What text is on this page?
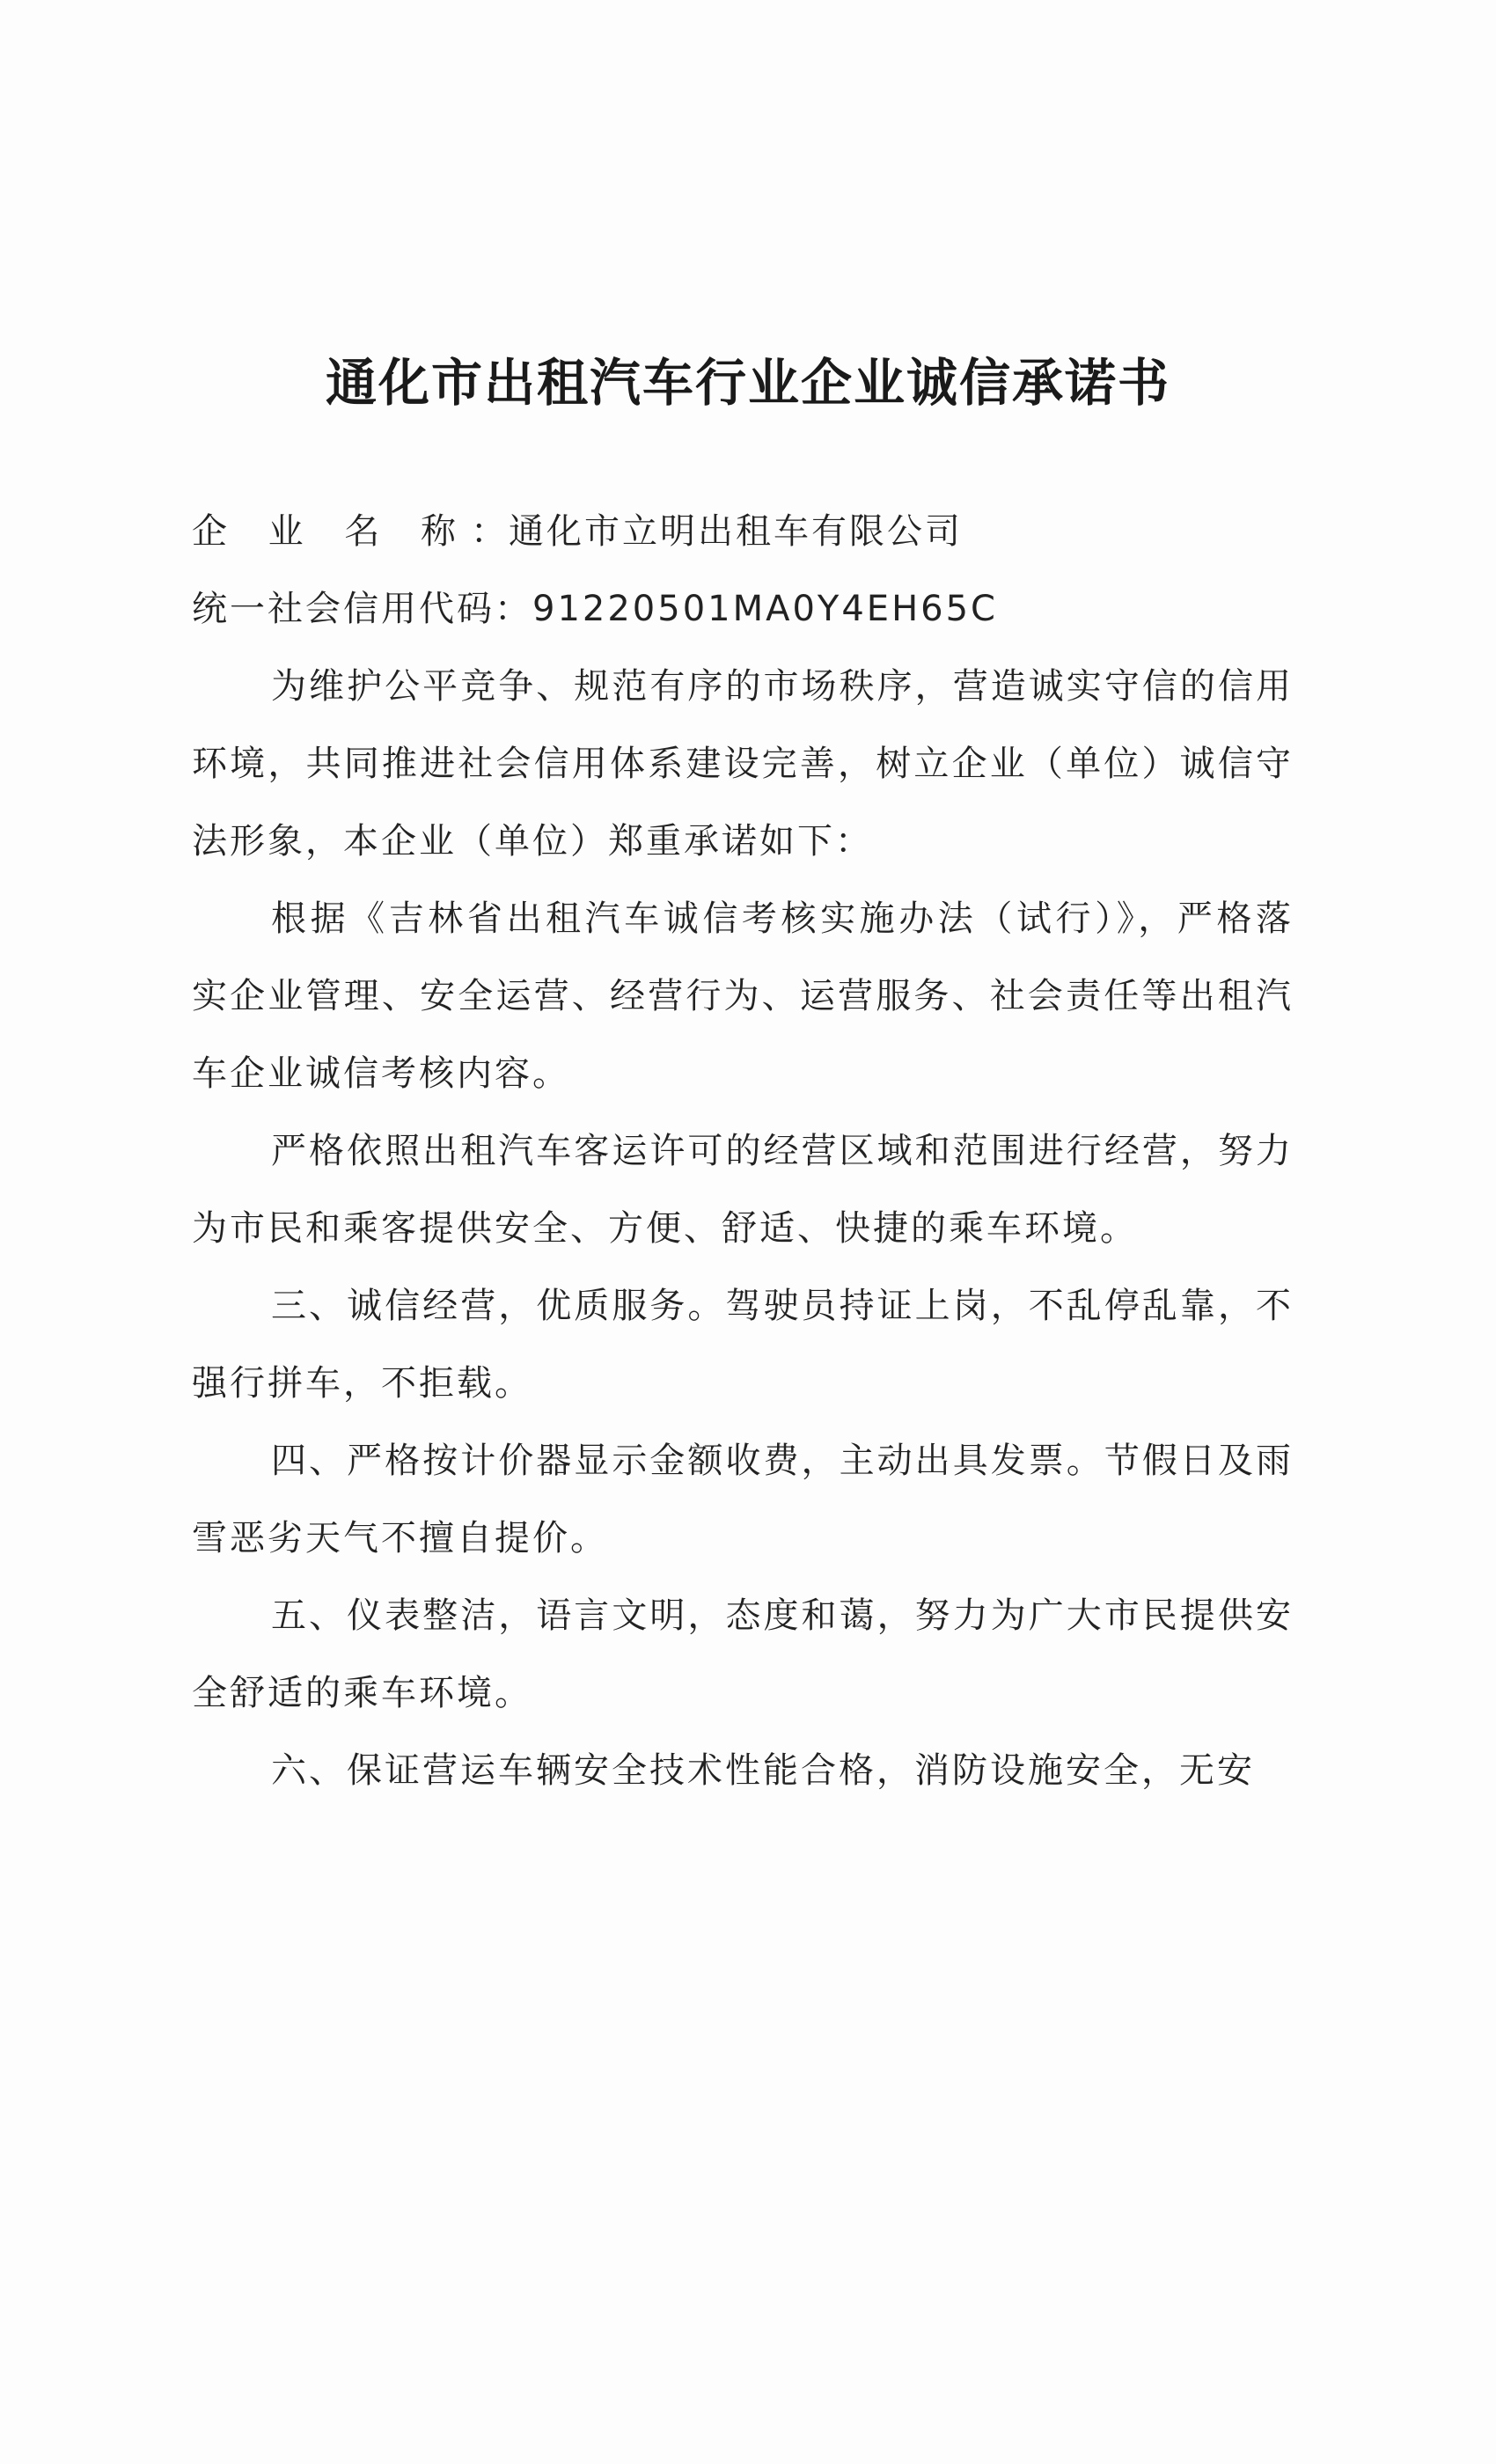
通化市出租汽车行业企业诚信承诺书

企 业 名 称：通化市立明出租车有限公司

统一社会信用代码：91220501MA0Y4EH65C

为维护公平竞争、规范有序的市场秩序，营造诚实守信的信用环境，共同推进社会信用体系建设完善，树立企业（单位）诚信守法形象，本企业（单位）郑重承诺如下：

根据《吉林省出租汽车诚信考核实施办法（试行）》，严格落实企业管理、安全运营、经营行为、运营服务、社会责任等出租汽车企业诚信考核内容。

严格依照出租汽车客运许可的经营区域和范围进行经营，努力为市民和乘客提供安全、方便、舒适、快捷的乘车环境。

三、诚信经营，优质服务。驾驶员持证上岗，不乱停乱靠，不强行拼车，不拒载。

四、严格按计价器显示金额收费，主动出具发票。节假日及雨雪恶劣天气不擅自提价。

五、仪表整洁，语言文明，态度和蔼，努力为广大市民提供安全舒适的乘车环境。

六、保证营运车辆安全技术性能合格，消防设施安全，无安
